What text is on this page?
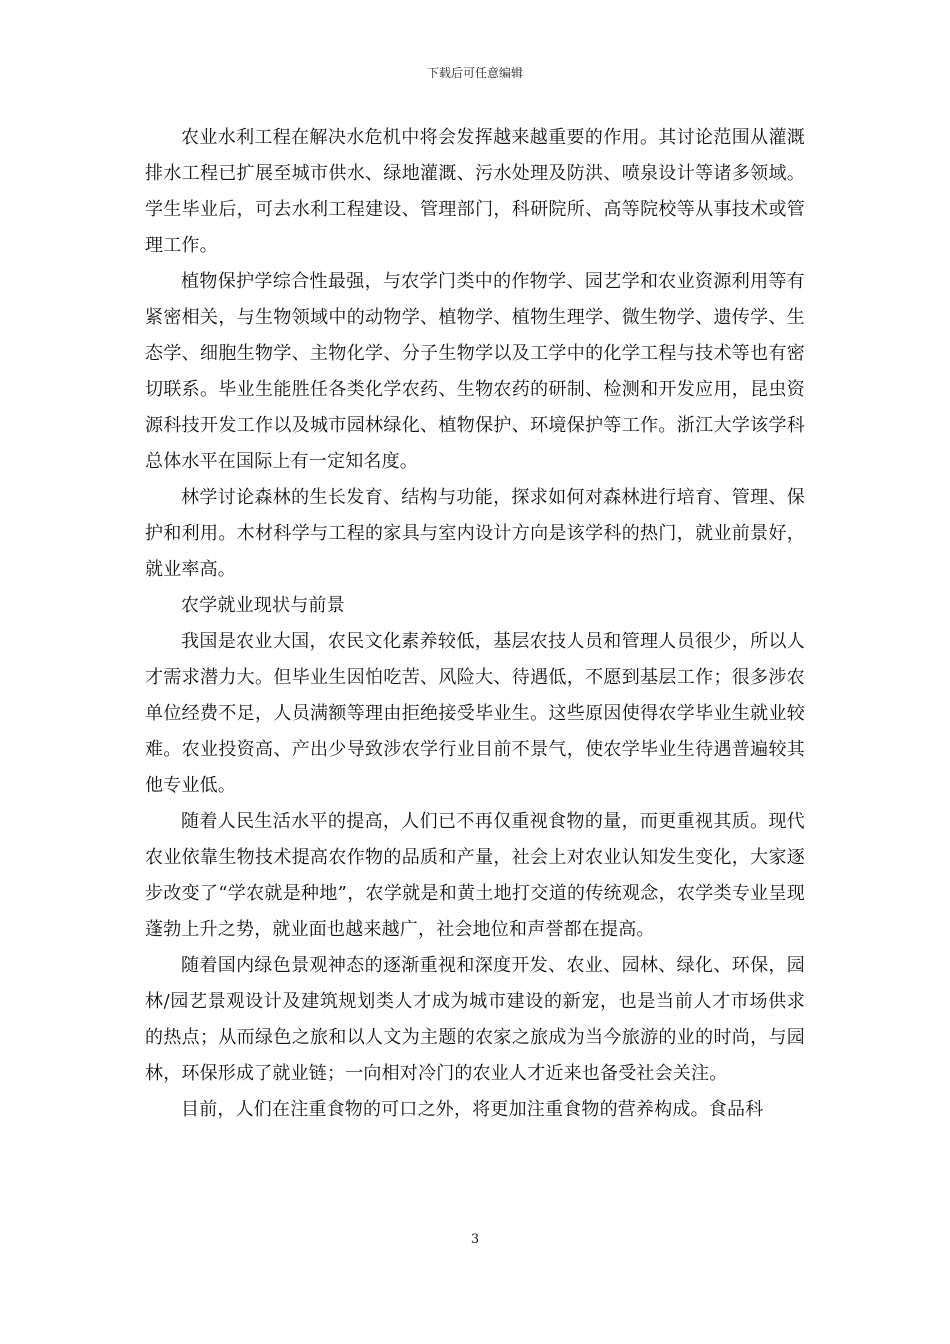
下载后可任意编辑

农业水利工程在解决水危机中将会发挥越来越重要的作用。其讨论范围从灌溉排水工程已扩展至城市供水、绿地灌溉、污水处理及防洪、喷泉设计等诸多领域。学生毕业后，可去水利工程建设、管理部门，科研院所、高等院校等从事技术或管理工作。

植物保护学综合性最强，与农学门类中的作物学、园艺学和农业资源利用等有紧密相关，与生物领域中的动物学、植物学、植物生理学、微生物学、遗传学、生态学、细胞生物学、主物化学、分子生物学以及工学中的化学工程与技术等也有密切联系。毕业生能胜任各类化学农药、生物农药的研制、检测和开发应用，昆虫资源科技开发工作以及城市园林绿化、植物保护、环境保护等工作。浙江大学该学科总体水平在国际上有一定知名度。

林学讨论森林的生长发育、结构与功能，探求如何对森林进行培育、管理、保护和利用。木材科学与工程的家具与室内设计方向是该学科的热门，就业前景好，就业率高。

农学就业现状与前景

我国是农业大国，农民文化素养较低，基层农技人员和管理人员很少，所以人才需求潜力大。但毕业生因怕吃苦、风险大、待遇低，不愿到基层工作；很多涉农单位经费不足，人员满额等理由拒绝接受毕业生。这些原因使得农学毕业生就业较难。农业投资高、产出少导致涉农学行业目前不景气，使农学毕业生待遇普遍较其他专业低。

随着人民生活水平的提高，人们已不再仅重视食物的量，而更重视其质。现代农业依靠生物技术提高农作物的品质和产量，社会上对农业认知发生变化，大家逐步改变了“学农就是种地”，农学就是和黄土地打交道的传统观念，农学类专业呈现蓬勃上升之势，就业面也越来越广，社会地位和声誉都在提高。

随着国内绿色景观神态的逐渐重视和深度开发、农业、园林、绿化、环保，园林/园艺景观设计及建筑规划类人才成为城市建设的新宠，也是当前人才市场供求的热点；从而绿色之旅和以人文为主题的农家之旅成为当今旅游的业的时尚，与园林，环保形成了就业链；一向相对冷门的农业人才近来也备受社会关注。

目前，人们在注重食物的可口之外，将更加注重食物的营养构成。食品科

3
